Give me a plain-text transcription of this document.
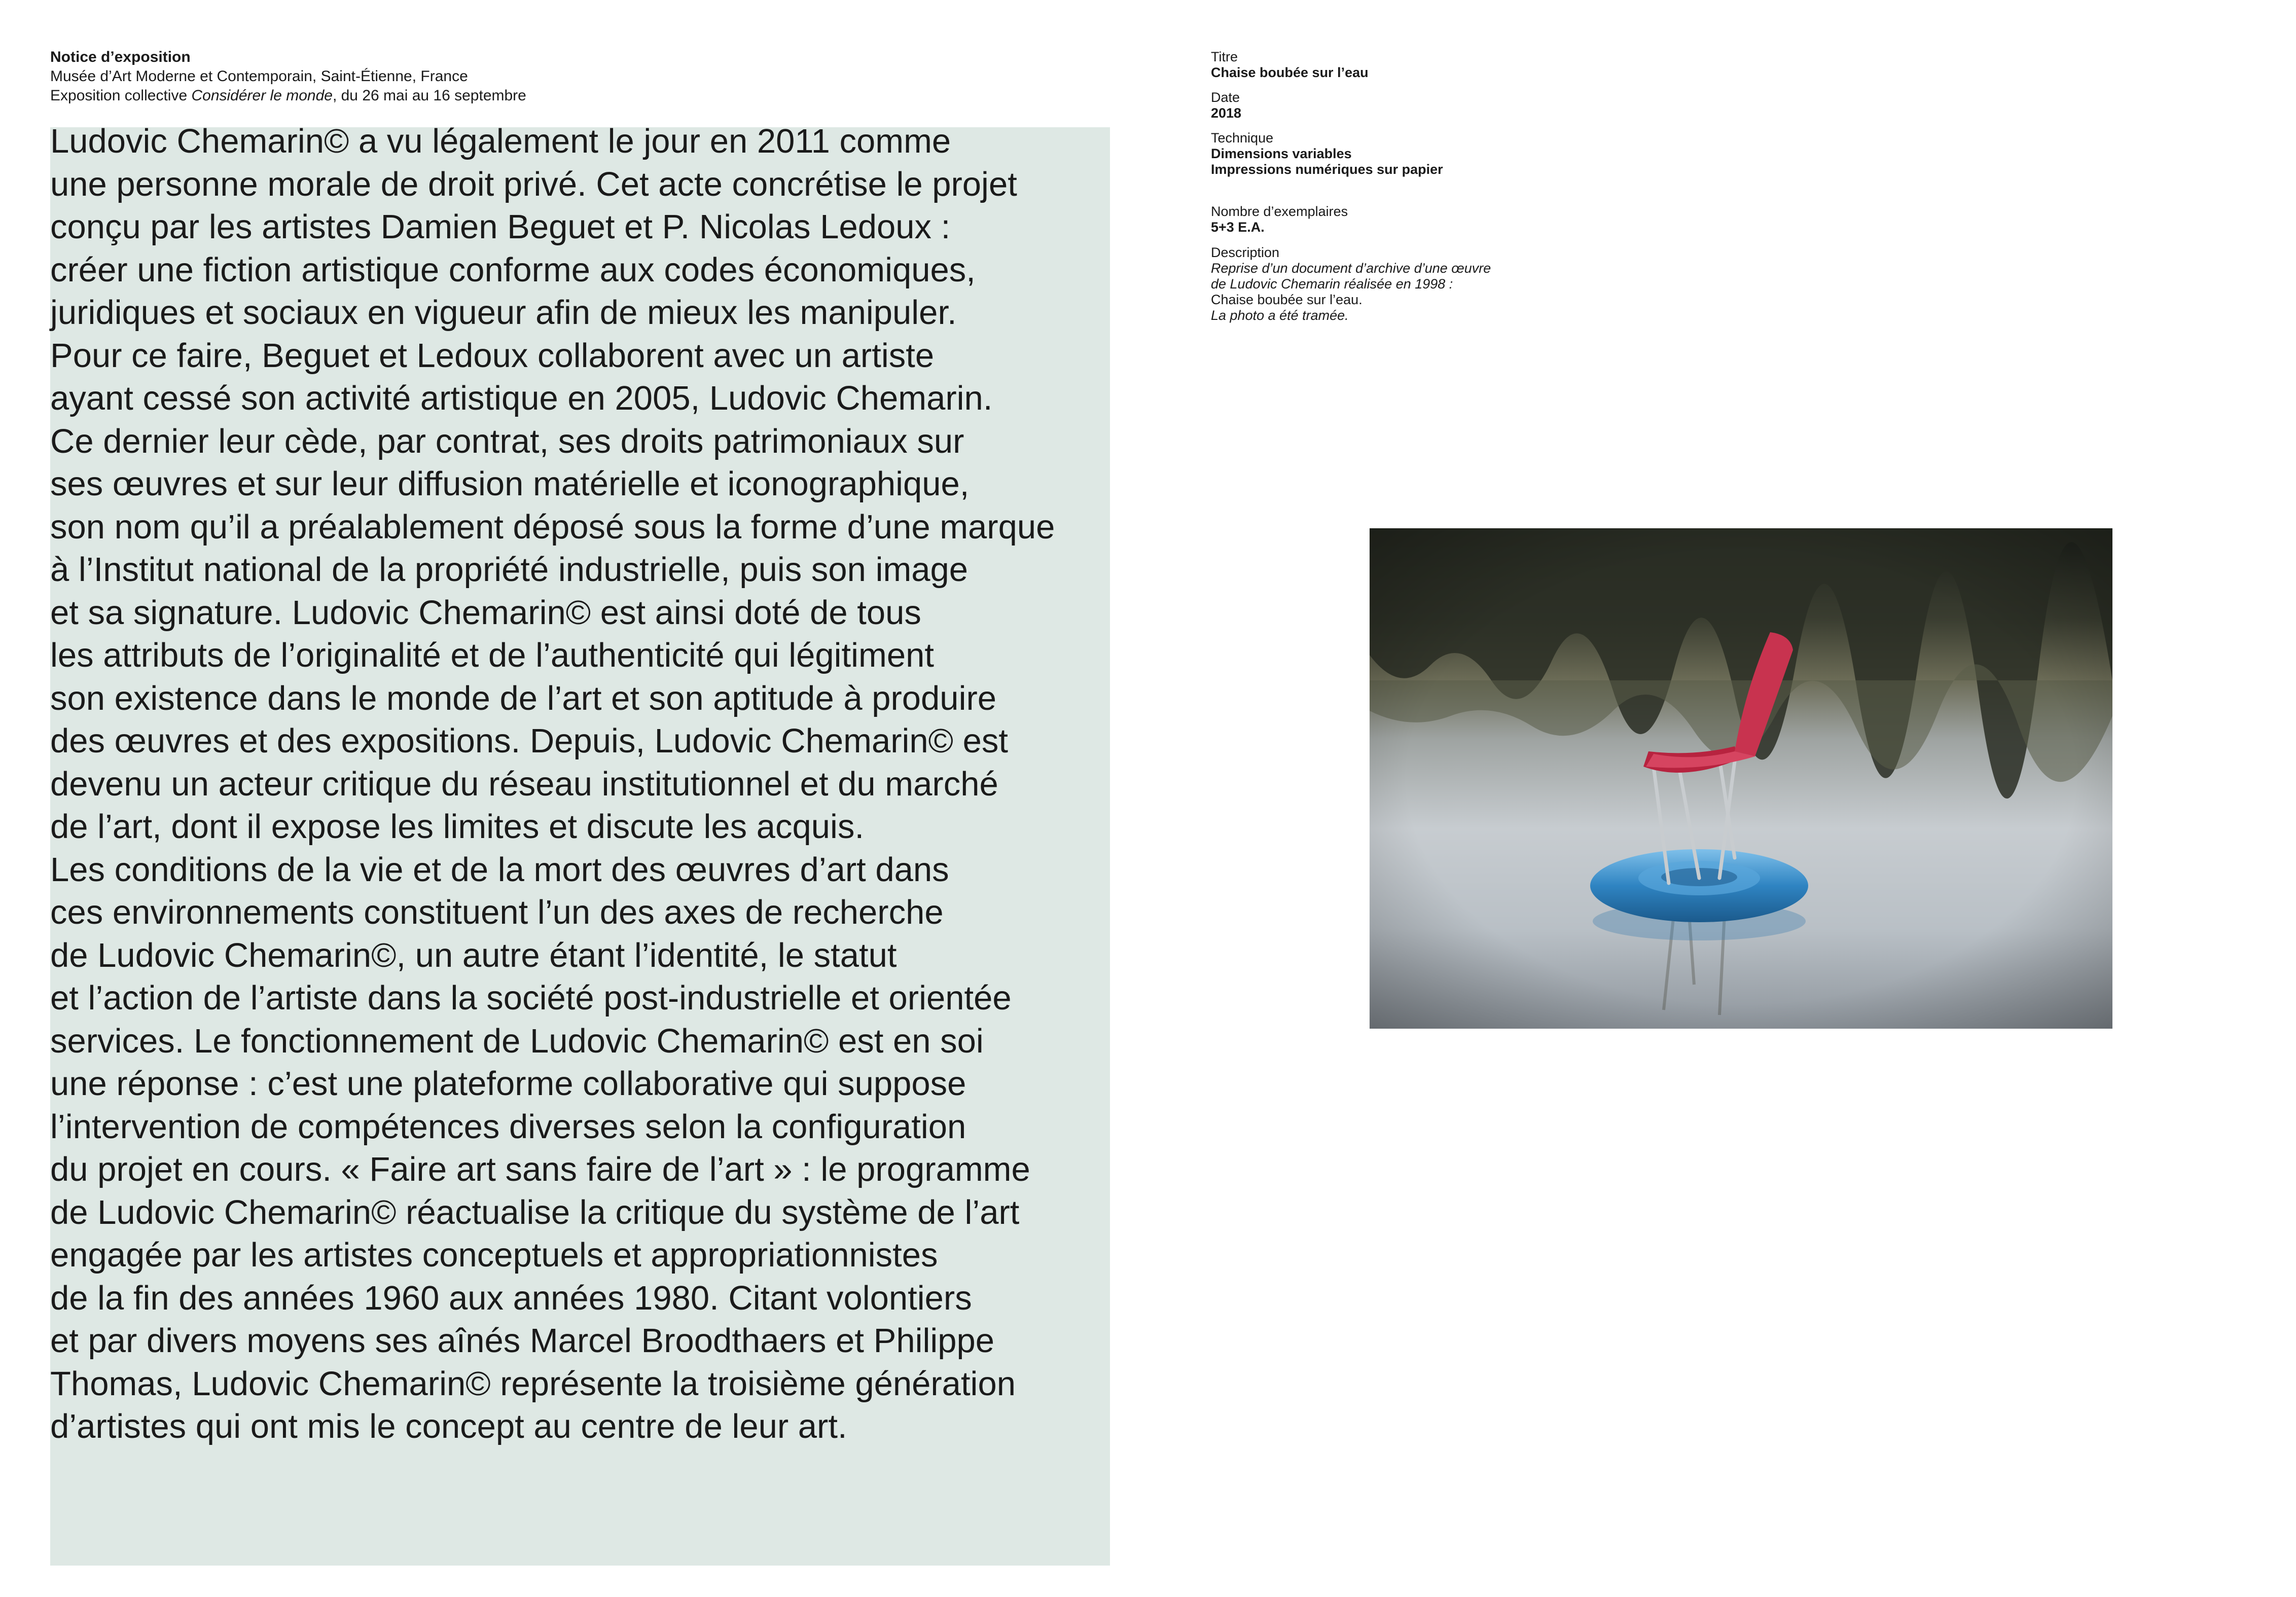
Notice d’exposition
Musée d’Art Moderne et Contemporain, Saint-Étienne, France
Exposition collective Considérer le monde, du 26 mai au 16 septembre
Ludovic Chemarin© a vu légalement le jour en 2011 comme
une personne morale de droit privé. Cet acte concrétise le projet
conçu par les artistes Damien Beguet et P. Nicolas Ledoux :
créer une fiction artistique conforme aux codes économiques,
juridiques et sociaux en vigueur afin de mieux les manipuler.
Pour ce faire, Beguet et Ledoux collaborent avec un artiste
ayant cessé son activité artistique en 2005, Ludovic Chemarin.
Ce dernier leur cède, par contrat, ses droits patrimoniaux sur
ses œuvres et sur leur diffusion matérielle et iconographique,
son nom qu’il a préalablement déposé sous la forme d’une marque
à l’Institut national de la propriété industrielle, puis son image
et sa signature. Ludovic Chemarin© est ainsi doté de tous
les attributs de l’originalité et de l’authenticité qui légitiment
son existence dans le monde de l’art et son aptitude à produire
des œuvres et des expositions. Depuis, Ludovic Chemarin© est
devenu un acteur critique du réseau institutionnel et du marché
de l’art, dont il expose les limites et discute les acquis.
Les conditions de la vie et de la mort des œuvres d’art dans
ces environnements constituent l’un des axes de recherche
de Ludovic Chemarin©, un autre étant l’identité, le statut
et l’action de l’artiste dans la société post-industrielle et orientée
services. Le fonctionnement de Ludovic Chemarin© est en soi
une réponse : c’est une plateforme collaborative qui suppose
l’intervention de compétences diverses selon la configuration
du projet en cours. « Faire art sans faire de l’art » : le programme
de Ludovic Chemarin© réactualise la critique du système de l’art
engagée par les artistes conceptuels et appropriationnistes
de la fin des années 1960 aux années 1980. Citant volontiers
et par divers moyens ses aînés Marcel Broodthaers et Philippe
Thomas, Ludovic Chemarin© représente la troisième génération
d’artistes qui ont mis le concept au centre de leur art.
Titre
Chaise boubée sur l’eau
Date
2018
Technique
Dimensions variables
Impressions numériques sur papier
Nombre d’exemplaires
5+3 E.A.
Description
Reprise d’un document d’archive d’une œuvre
de Ludovic Chemarin réalisée en 1998 :
Chaise boubée sur l’eau.
La photo a été tramée.
